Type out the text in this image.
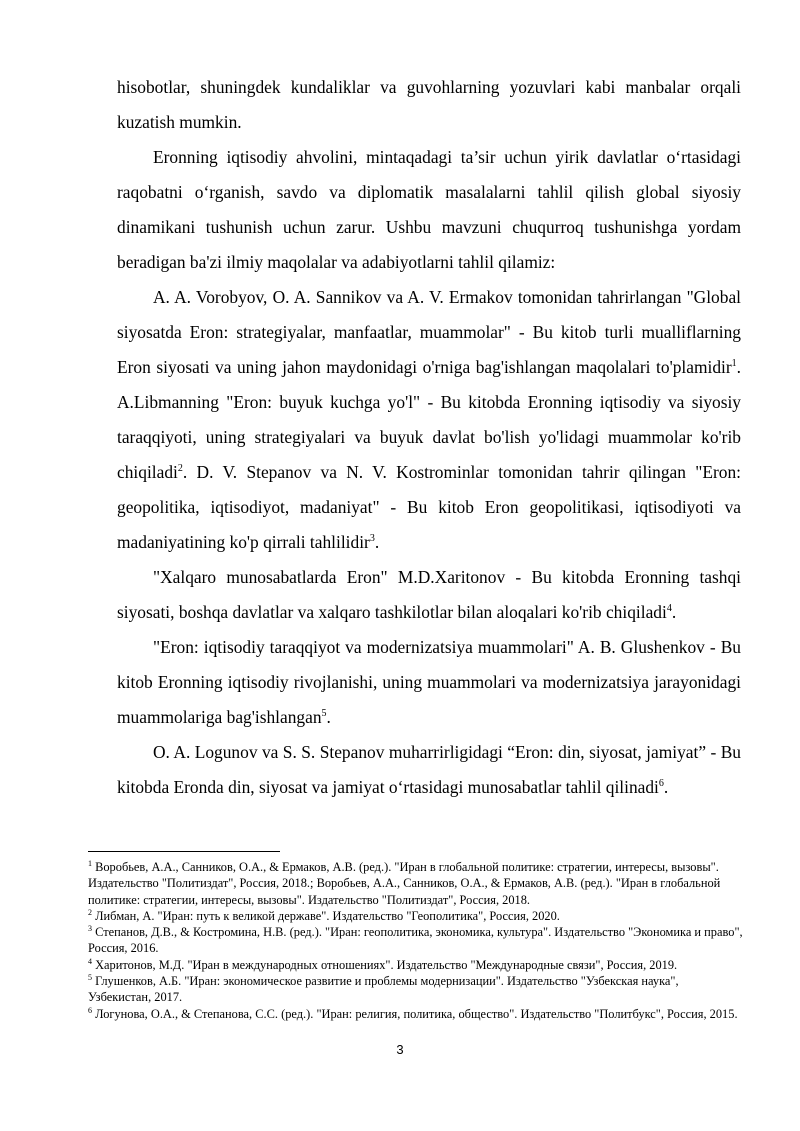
hisobotlar, shuningdek kundaliklar va guvohlarning yozuvlari kabi manbalar orqali kuzatish mumkin.

Eronning iqtisodiy ahvolini, mintaqadagi ta’sir uchun yirik davlatlar o‘rtasidagi raqobatni o‘rganish, savdo va diplomatik masalalarni tahlil qilish global siyosiy dinamikani tushunish uchun zarur. Ushbu mavzuni chuqurroq tushunishga yordam beradigan ba'zi ilmiy maqolalar va adabiyotlarni tahlil qilamiz:

A. A. Vorobyov, O. A. Sannikov va A. V. Ermakov tomonidan tahrirlangan "Global siyosatda Eron: strategiyalar, manfaatlar, muammolar" - Bu kitob turli mualliflarning Eron siyosati va uning jahon maydonidagi o'rniga bag'ishlangan maqolalari to'plamidir$^1$. A.Libmanning "Eron: buyuk kuchga yo'l" - Bu kitobda Eronning iqtisodiy va siyosiy taraqqiyoti, uning strategiyalari va buyuk davlat bo'lish yo'lidagi muammolar ko'rib chiqiladi$^2$. D. V. Stepanov va N. V. Kostrominlar tomonidan tahrir qilingan "Eron: geopolitika, iqtisodiyot, madaniyat" - Bu kitob Eron geopolitikasi, iqtisodiyoti va madaniyatining ko'p qirrali tahlilidir$^3$.

"Xalqaro munosabatlarda Eron" M.D.Xaritonov - Bu kitobda Eronning tashqi siyosati, boshqa davlatlar va xalqaro tashkilotlar bilan aloqalari ko'rib chiqiladi$^4$.

"Eron: iqtisodiy taraqqiyot va modernizatsiya muammolari" A. B. Glushenkov - Bu kitob Eronning iqtisodiy rivojlanishi, uning muammolari va modernizatsiya jarayonidagi muammolariga bag'ishlangan$^5$.

O. A. Logunov va S. S. Stepanov muharrirligidagi “Eron: din, siyosat, jamiyat” - Bu kitobda Eronda din, siyosat va jamiyat o‘rtasidagi munosabatlar tahlil qilinadi$^6$.

$^1$ Воробьев, А.А., Санников, О.А., & Ермаков, А.В. (ред.). "Иран в глобальной политике: стратегии, интересы, вызовы". Издательство "Политиздат", Россия, 2018.; Воробьев, А.А., Санников, О.А., & Ермаков, А.В. (ред.). "Иран в глобальной политике: стратегии, интересы, вызовы". Издательство "Политиздат", Россия, 2018.

$^2$ Либман, А. "Иран: путь к великой державе". Издательство "Геополитика", Россия, 2020.

$^3$ Степанов, Д.В., & Костромина, Н.В. (ред.). "Иран: геополитика, экономика, культура". Издательство "Экономика и право", Россия, 2016.

$^4$ Харитонов, М.Д. "Иран в международных отношениях". Издательство "Международные связи", Россия, 2019.

$^5$ Глушенков, А.Б. "Иран: экономическое развитие и проблемы модернизации". Издательство "Узбекская наука", Узбекистан, 2017.

$^6$ Логунова, О.А., & Степанова, С.С. (ред.). "Иран: религия, политика, общество". Издательство "Политбукс", Россия, 2015.

3
